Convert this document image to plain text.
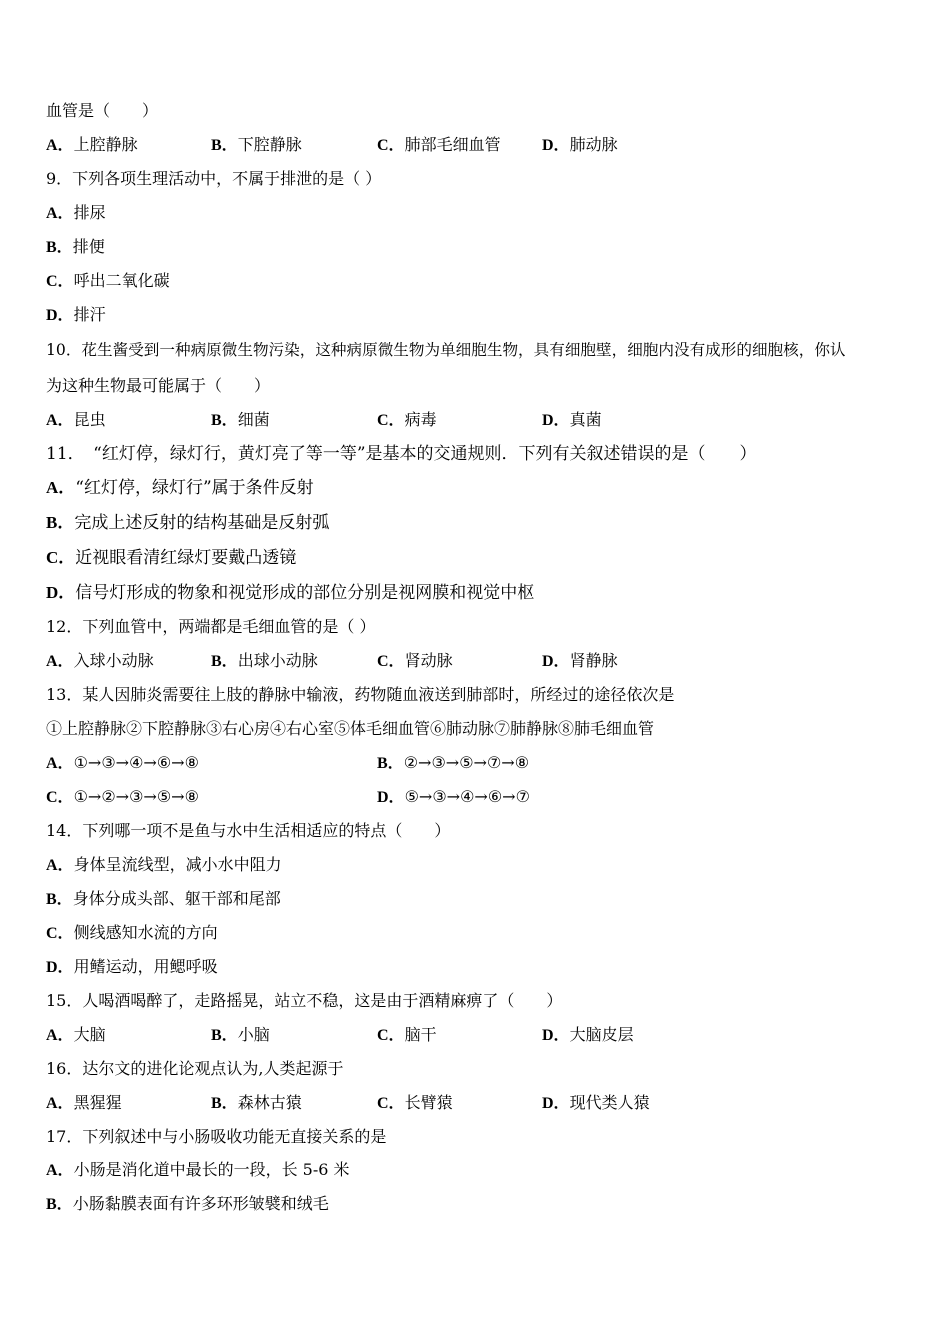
血管是（　　）
A．上腔静脉	B．下腔静脉	C．肺部毛细血管	D．肺动脉
9．下列各项生理活动中，不属于排泄的是（ ）
A．排尿
B．排便
C．呼出二氧化碳
D．排汗
10．花生酱受到一种病原微生物污染，这种病原微生物为单细胞生物，具有细胞壁，细胞内没有成形的细胞核，你认
为这种生物最可能属于（　　）
A．昆虫	B．细菌	C．病毒	D．真菌
11．　“红灯停，绿灯行，黄灯亮了等一等”是基本的交通规则．下列有关叙述错误的是（　　）
A．“红灯停，绿灯行”属于条件反射
B．完成上述反射的结构基础是反射弧
C．近视眼看清红绿灯要戴凸透镜
D．信号灯形成的物象和视觉形成的部位分别是视网膜和视觉中枢
12．下列血管中，两端都是毛细血管的是（ ）
A．入球小动脉	B．出球小动脉	C．肾动脉	D．肾静脉
13．某人因肺炎需要往上肢的静脉中输液，药物随血液送到肺部时，所经过的途径依次是
①上腔静脉②下腔静脉③右心房④右心室⑤体毛细血管⑥肺动脉⑦肺静脉⑧肺毛细血管
A．①→③→④→⑥→⑧	B．②→③→⑤→⑦→⑧
C．①→②→③→⑤→⑧	D．⑤→③→④→⑥→⑦
14．下列哪一项不是鱼与水中生活相适应的特点（　　）
A．身体呈流线型，减小水中阻力
B．身体分成头部、躯干部和尾部
C．侧线感知水流的方向
D．用鳍运动，用鳃呼吸
15．人喝酒喝醉了，走路摇晃，站立不稳，这是由于酒精麻痹了（　　）
A．大脑	B．小脑	C．脑干	D．大脑皮层
16．达尔文的进化论观点认为,人类起源于
A．黑猩猩	B．森林古猿	C．长臂猿	D．现代类人猿
17．下列叙述中与小肠吸收功能无直接关系的是
A．小肠是消化道中最长的一段，长 5-6 米
B．小肠黏膜表面有许多环形皱襞和绒毛
